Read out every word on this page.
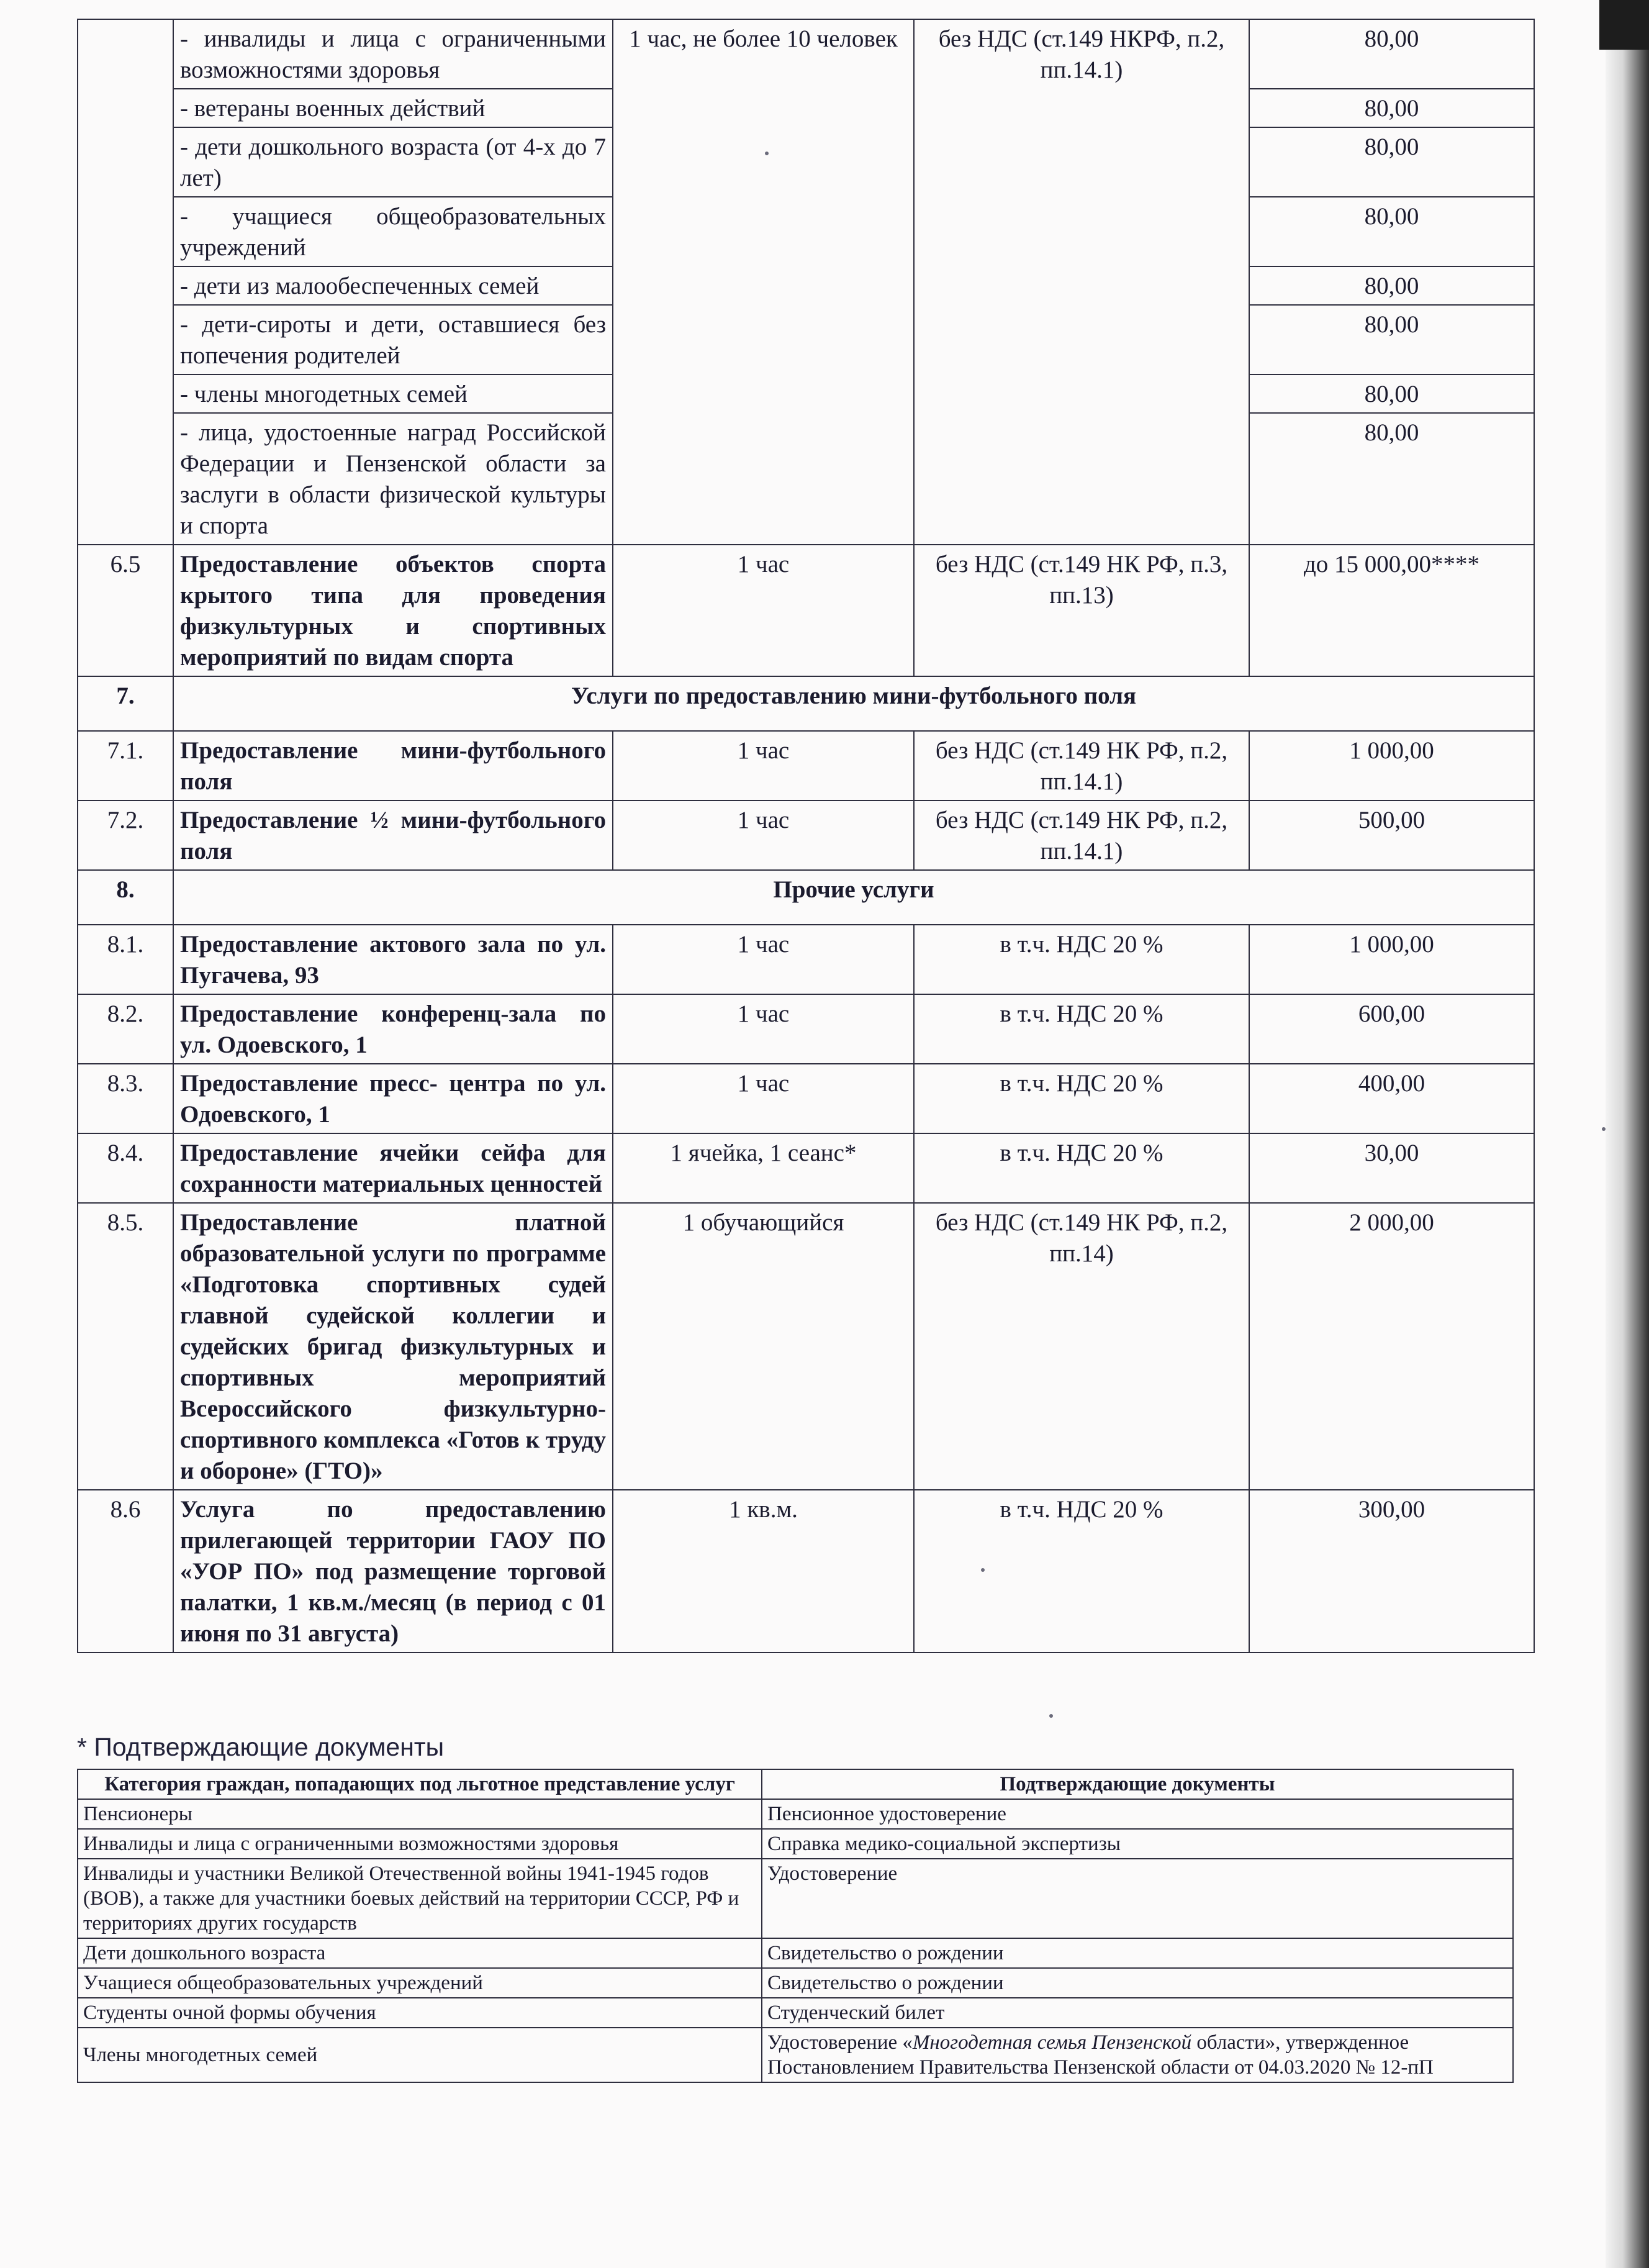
	- инвалиды и лица с ограниченными возможностями здоровья	1 час, не более 10 человек	без НДС (ст.149 НКРФ, п.2, пп.14.1)	80,00
	- ветераны военных действий			80,00
	- дети дошкольного возраста (от 4-х до 7 лет)			80,00
	- учащиеся общеобразовательных учреждений			80,00
	- дети из малообеспеченных семей			80,00
	- дети-сироты и дети, оставшиеся без попечения родителей			80,00
	- члены многодетных семей			80,00
	- лица, удостоенные наград Российской Федерации и Пензенской области за заслуги в области физической культуры и спорта			80,00
6.5	Предоставление объектов спорта крытого типа для проведения физкультурных и спортивных мероприятий по видам спорта	1 час	без НДС (ст.149 НК РФ, п.3, пп.13)	до 15 000,00****
7.	Услуги по предоставлению мини-футбольного поля			
7.1.	Предоставление мини-футбольного поля	1 час	без НДС (ст.149 НК РФ, п.2, пп.14.1)	1 000,00
7.2.	Предоставление ½ мини-футбольного поля	1 час	без НДС (ст.149 НК РФ, п.2, пп.14.1)	500,00
8.	Прочие услуги			
8.1.	Предоставление актового зала по ул. Пугачева, 93	1 час	в т.ч. НДС 20 %	1 000,00
8.2.	Предоставление конференц-зала по ул. Одоевского, 1	1 час	в т.ч. НДС 20 %	600,00
8.3.	Предоставление пресс- центра по ул. Одоевского, 1	1 час	в т.ч. НДС 20 %	400,00
8.4.	Предоставление ячейки сейфа для сохранности материальных ценностей	1 ячейка, 1 сеанс*	в т.ч. НДС 20 %	30,00
8.5.	Предоставление платной образовательной услуги по программе «Подготовка спортивных судей главной судейской коллегии и судейских бригад физкультурных и спортивных мероприятий Всероссийского физкультурно-спортивного комплекса «Готов к труду и обороне» (ГТО)»	1 обучающийся	без НДС (ст.149 НК РФ, п.2, пп.14)	2 000,00
8.6	Услуга по предоставлению прилегающей территории ГАОУ ПО «УОР ПО» под размещение торговой палатки, 1 кв.м./месяц (в период с 01 июня по 31 августа)	1 кв.м.	в т.ч. НДС 20 %	300,00
* Подтверждающие документы
Категория граждан, попадающих под льготное представление услуг	Подтверждающие документы
Пенсионеры	Пенсионное удостоверение
Инвалиды и лица с ограниченными возможностями здоровья	Справка медико-социальной экспертизы
Инвалиды и участники Великой Отечественной войны 1941-1945 годов (ВОВ), а также для участники боевых действий на территории СССР, РФ и территориях других государств	Удостоверение
Дети дошкольного возраста	Свидетельство о рождении
Учащиеся общеобразовательных учреждений	Свидетельство о рождении
Студенты очной формы обучения	Студенческий билет
Члены многодетных семей	Удостоверение «Многодетная семья Пензенской области», утвержденное Постановлением Правительства Пензенской области от 04.03.2020 № 12-пП
